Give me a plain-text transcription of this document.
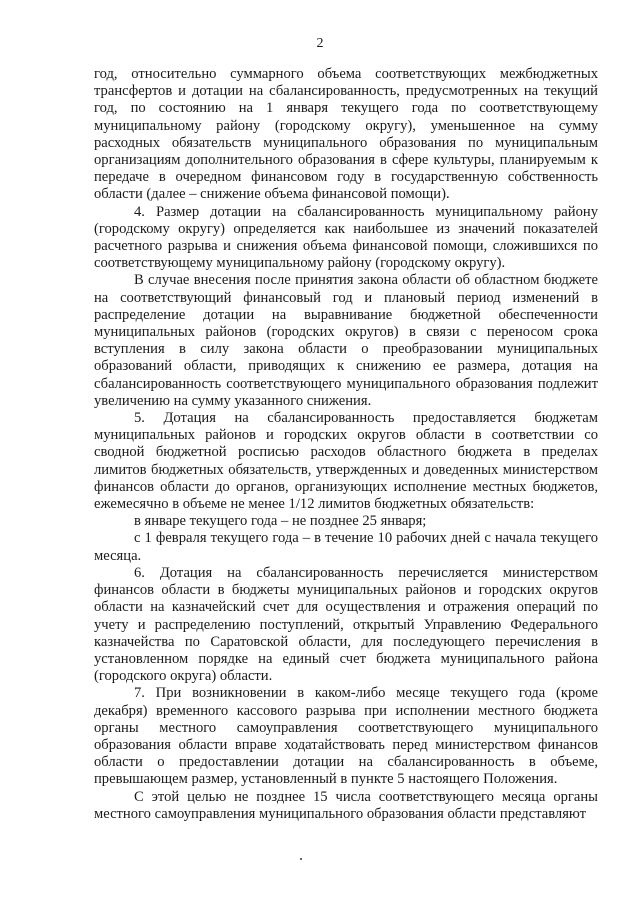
2

год, относительно суммарного объема соответствующих межбюджетных трансфертов и дотации на сбалансированность, предусмотренных на текущий год, по состоянию на 1 января текущего года по соответствующему муниципальному району (городскому округу), уменьшенное на сумму расходных обязательств муниципального образования по муниципальным организациям дополнительного образования в сфере культуры, планируемым к передаче в очередном финансовом году в государственную собственность области (далее – снижение объема финансовой помощи).

4. Размер дотации на сбалансированность муниципальному району (городскому округу) определяется как наибольшее из значений показателей расчетного разрыва и снижения объема финансовой помощи, сложившихся по соответствующему муниципальному району (городскому округу).

В случае внесения после принятия закона области об областном бюджете на соответствующий финансовый год и плановый период изменений в распределение дотации на выравнивание бюджетной обеспеченности муниципальных районов (городских округов) в связи с переносом срока вступления в силу закона области о преобразовании муниципальных образований области, приводящих к снижению ее размера, дотация на сбалансированность соответствующего муниципального образования подлежит увеличению на сумму указанного снижения.

5. Дотация на сбалансированность предоставляется бюджетам муниципальных районов и городских округов области в соответствии со сводной бюджетной росписью расходов областного бюджета в пределах лимитов бюджетных обязательств, утвержденных и доведенных министерством финансов области до органов, организующих исполнение местных бюджетов, ежемесячно в объеме не менее 1/12 лимитов бюджетных обязательств:

в январе текущего года – не позднее 25 января;

с 1 февраля текущего года – в течение 10 рабочих дней с начала текущего месяца.

6. Дотация на сбалансированность перечисляется министерством финансов области в бюджеты муниципальных районов и городских округов области на казначейский счет для осуществления и отражения операций по учету и распределению поступлений, открытый Управлению Федерального казначейства по Саратовской области, для последующего перечисления в установленном порядке на единый счет бюджета муниципального района (городского округа) области.

7. При возникновении в каком-либо месяце текущего года (кроме декабря) временного кассового разрыва при исполнении местного бюджета органы местного самоуправления соответствующего муниципального образования области вправе ходатайствовать перед министерством финансов области о предоставлении дотации на сбалансированность в объеме, превышающем размер, установленный в пункте 5 настоящего Положения.

С этой целью не позднее 15 числа соответствующего месяца органы местного самоуправления муниципального образования области представляют
